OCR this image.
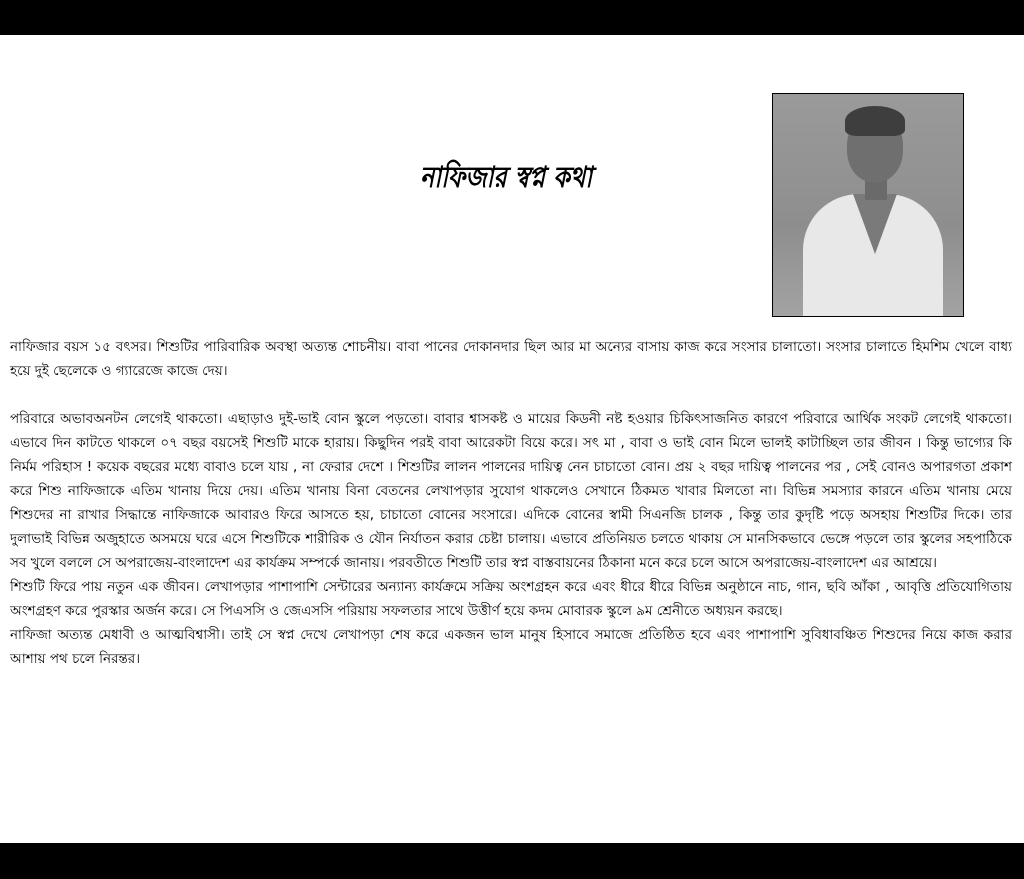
নাফিজার স্বপ্ন কথা

নাফিজার বয়স ১৫ বৎসর। শিশুটির পারিবারিক অবস্থা অত্যন্ত শোচনীয়। বাবা পানের দোকানদার ছিল আর মা অন্যের বাসায় কাজ করে সংসার চালাতো। সংসার চালাতে হিমশিম খেলে বাধ্য হয়ে দুই ছেলেকে ও গ্যারেজে কাজে দেয়।

পরিবারে অভাবঅনটন লেগেই থাকতো। এছাড়াও দুই-ভাই বোন স্কুলে পড়তো। বাবার শ্বাসকষ্ট ও মায়ের কিডনী নষ্ট হওয়ার চিকিৎসাজনিত কারণে পরিবারে আর্থিক সংকট লেগেই থাকতো। এভাবে দিন কাটতে থাকলে ০৭ বছর বয়সেই শিশুটি মাকে হারায়। কিছুদিন পরই বাবা আরেকটা বিয়ে করে। সৎ মা , বাবা ও ভাই বোন মিলে ভালই কাটাচ্ছিল তার জীবন । কিন্তু ভাগ্যের কি নির্মম পরিহাস ! কয়েক বছরের মধ্যে বাবাও চলে যায় , না ফেরার দেশে । শিশুটির লালন পালনের দায়িত্ব নেন চাচাতো বোন। প্রয় ২ বছর দায়িত্ব পালনের পর , সেই বোনও অপারগতা প্রকাশ করে শিশু নাফিজাকে এতিম খানায় দিয়ে দেয়। এতিম খানায় বিনা বেতনের লেখাপড়ার সুযোগ থাকলেও সেখানে ঠিকমত খাবার মিলতো না। বিভিন্ন সমস্যার কারনে এতিম খানায় মেয়ে শিশুদের না রাখার সিদ্ধান্তে নাফিজাকে আবারও ফিরে আসতে হয়, চাচাতো বোনের সংসারে। এদিকে বোনের স্বামী সিএনজি চালক , কিন্তু তার কুদৃষ্টি পড়ে অসহায় শিশুটির দিকে। তার দুলাভাই বিভিন্ন অজুহাতে অসময়ে ঘরে এসে শিশুটিকে শারীরিক ও যৌন নির্যাতন করার চেষ্টা চালায়। এভাবে প্রতিনিয়ত চলতে থাকায় সে মানসিকভাবে ভেঙ্গে পড়লে তার স্কুলের সহপাঠিকে সব খুলে বললে সে অপরাজেয়-বাংলাদেশ এর কার্যক্রম সম্পর্কে জানায়। পরবতীতে শিশুটি তার স্বপ্ন বাস্তবায়নের ঠিকানা মনে করে চলে আসে অপরাজেয়-বাংলাদেশ এর আশ্রয়ে।

শিশুটি ফিরে পায় নতুন এক জীবন। লেখাপড়ার পাশাপাশি সেন্টারের অন্যান্য কার্যক্রমে সক্রিয় অংশগ্রহন করে এবং ধীরে ধীরে বিভিন্ন অনুষ্ঠানে নাচ, গান, ছবি আঁকা , আবৃত্তি প্রতিযোগিতায় অংশগ্রহণ করে পুরস্কার অর্জন করে। সে পিএসসি ও জেএসসি পরিয়ায় সফলতার সাথে উত্তীর্ণ হয়ে কদম মোবারক স্কুলে ৯ম শ্রেনীতে অধ্যয়ন করছে।

নাফিজা অত্যন্ত মেধাবী ও আত্মবিশ্বাসী। তাই সে স্বপ্ন দেখে লেখাপড়া শেষ করে একজন ভাল মানুষ হিসাবে সমাজে প্রতিষ্ঠিত হবে এবং পাশাপাশি সুবিধাবঞ্চিত শিশুদের নিয়ে কাজ করার আশায় পথ চলে নিরন্তর।
